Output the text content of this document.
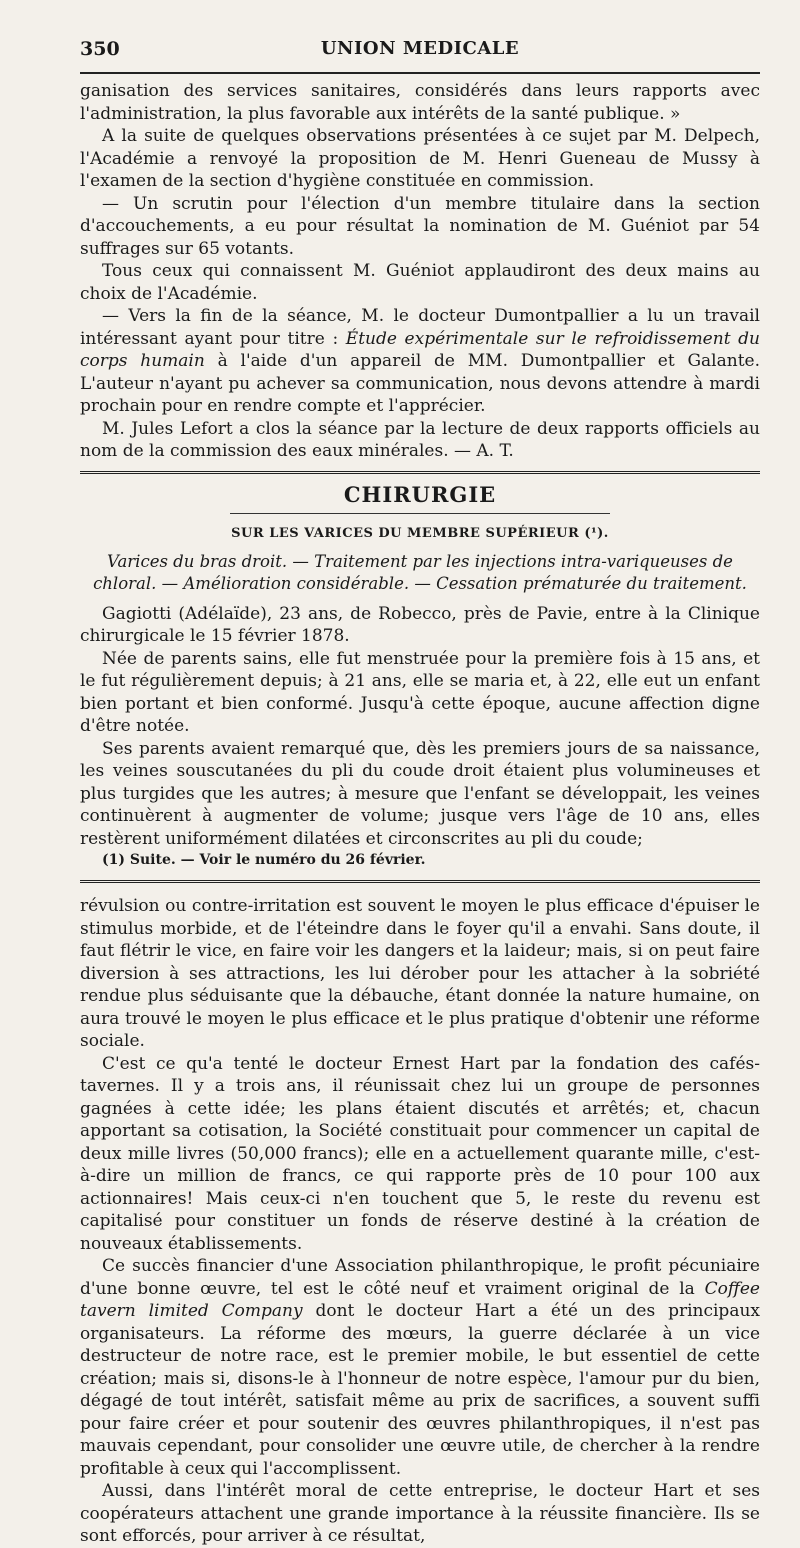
350	UNION MEDICALE

ganisation des services sanitaires, considérés dans leurs rapports avec l'administration, la plus favorable aux intérêts de la santé publique. »

A la suite de quelques observations présentées à ce sujet par M. Delpech, l'Académie a renvoyé la proposition de M. Henri Gueneau de Mussy à l'examen de la section d'hygiène constituée en commission.

— Un scrutin pour l'élection d'un membre titulaire dans la section d'accouchements, a eu pour résultat la nomination de M. Guéniot par 54 suffrages sur 65 votants.

Tous ceux qui connaissent M. Guéniot applaudiront des deux mains au choix de l'Académie.

— Vers la fin de la séance, M. le docteur Dumontpallier a lu un travail intéressant ayant pour titre : Étude expérimentale sur le refroidissement du corps humain à l'aide d'un appareil de MM. Dumontpallier et Galante. L'auteur n'ayant pu achever sa communication, nous devons attendre à mardi prochain pour en rendre compte et l'apprécier.

M. Jules Lefort a clos la séance par la lecture de deux rapports officiels au nom de la commission des eaux minérales. — A. T.

CHIRURGIE
SUR LES VARICES DU MEMBRE SUPÉRIEUR (¹).
Varices du bras droit. — Traitement par les injections intra-variqueuses de chloral. — Amélioration considérable. — Cessation prématurée du traitement.

Gagiotti (Adélaïde), 23 ans, de Robecco, près de Pavie, entre à la Clinique chirurgicale le 15 février 1878.

Née de parents sains, elle fut menstruée pour la première fois à 15 ans, et le fut régulièrement depuis; à 21 ans, elle se maria et, à 22, elle eut un enfant bien portant et bien conformé. Jusqu'à cette époque, aucune affection digne d'être notée.

Ses parents avaient remarqué que, dès les premiers jours de sa naissance, les veines souscutanées du pli du coude droit étaient plus volumineuses et plus turgides que les autres; à mesure que l'enfant se développait, les veines continuèrent à augmenter de volume; jusque vers l'âge de 10 ans, elles restèrent uniformément dilatées et circonscrites au pli du coude;

(1) Suite. — Voir le numéro du 26 février.

révulsion ou contre-irritation est souvent le moyen le plus efficace d'épuiser le stimulus morbide, et de l'éteindre dans le foyer qu'il a envahi. Sans doute, il faut flétrir le vice, en faire voir les dangers et la laideur; mais, si on peut faire diversion à ses attractions, les lui dérober pour les attacher à la sobriété rendue plus séduisante que la débauche, étant donnée la nature humaine, on aura trouvé le moyen le plus efficace et le plus pratique d'obtenir une réforme sociale.

C'est ce qu'a tenté le docteur Ernest Hart par la fondation des cafés-tavernes. Il y a trois ans, il réunissait chez lui un groupe de personnes gagnées à cette idée; les plans étaient discutés et arrêtés; et, chacun apportant sa cotisation, la Société constituait pour commencer un capital de deux mille livres (50,000 francs); elle en a actuellement quarante mille, c'est-à-dire un million de francs, ce qui rapporte près de 10 pour 100 aux actionnaires! Mais ceux-ci n'en touchent que 5, le reste du revenu est capitalisé pour constituer un fonds de réserve destiné à la création de nouveaux établissements.

Ce succès financier d'une Association philanthropique, le profit pécuniaire d'une bonne œuvre, tel est le côté neuf et vraiment original de la Coffee tavern limited Company dont le docteur Hart a été un des principaux organisateurs. La réforme des mœurs, la guerre déclarée à un vice destructeur de notre race, est le premier mobile, le but essentiel de cette création; mais si, disons-le à l'honneur de notre espèce, l'amour pur du bien, dégagé de tout intérêt, satisfait même au prix de sacrifices, a souvent suffi pour faire créer et pour soutenir des œuvres philanthropiques, il n'est pas mauvais cependant, pour consolider une œuvre utile, de chercher à la rendre profitable à ceux qui l'accomplissent.

Aussi, dans l'intérêt moral de cette entreprise, le docteur Hart et ses coopérateurs attachent une grande importance à la réussite financière. Ils se sont efforcés, pour arriver à ce résultat,
